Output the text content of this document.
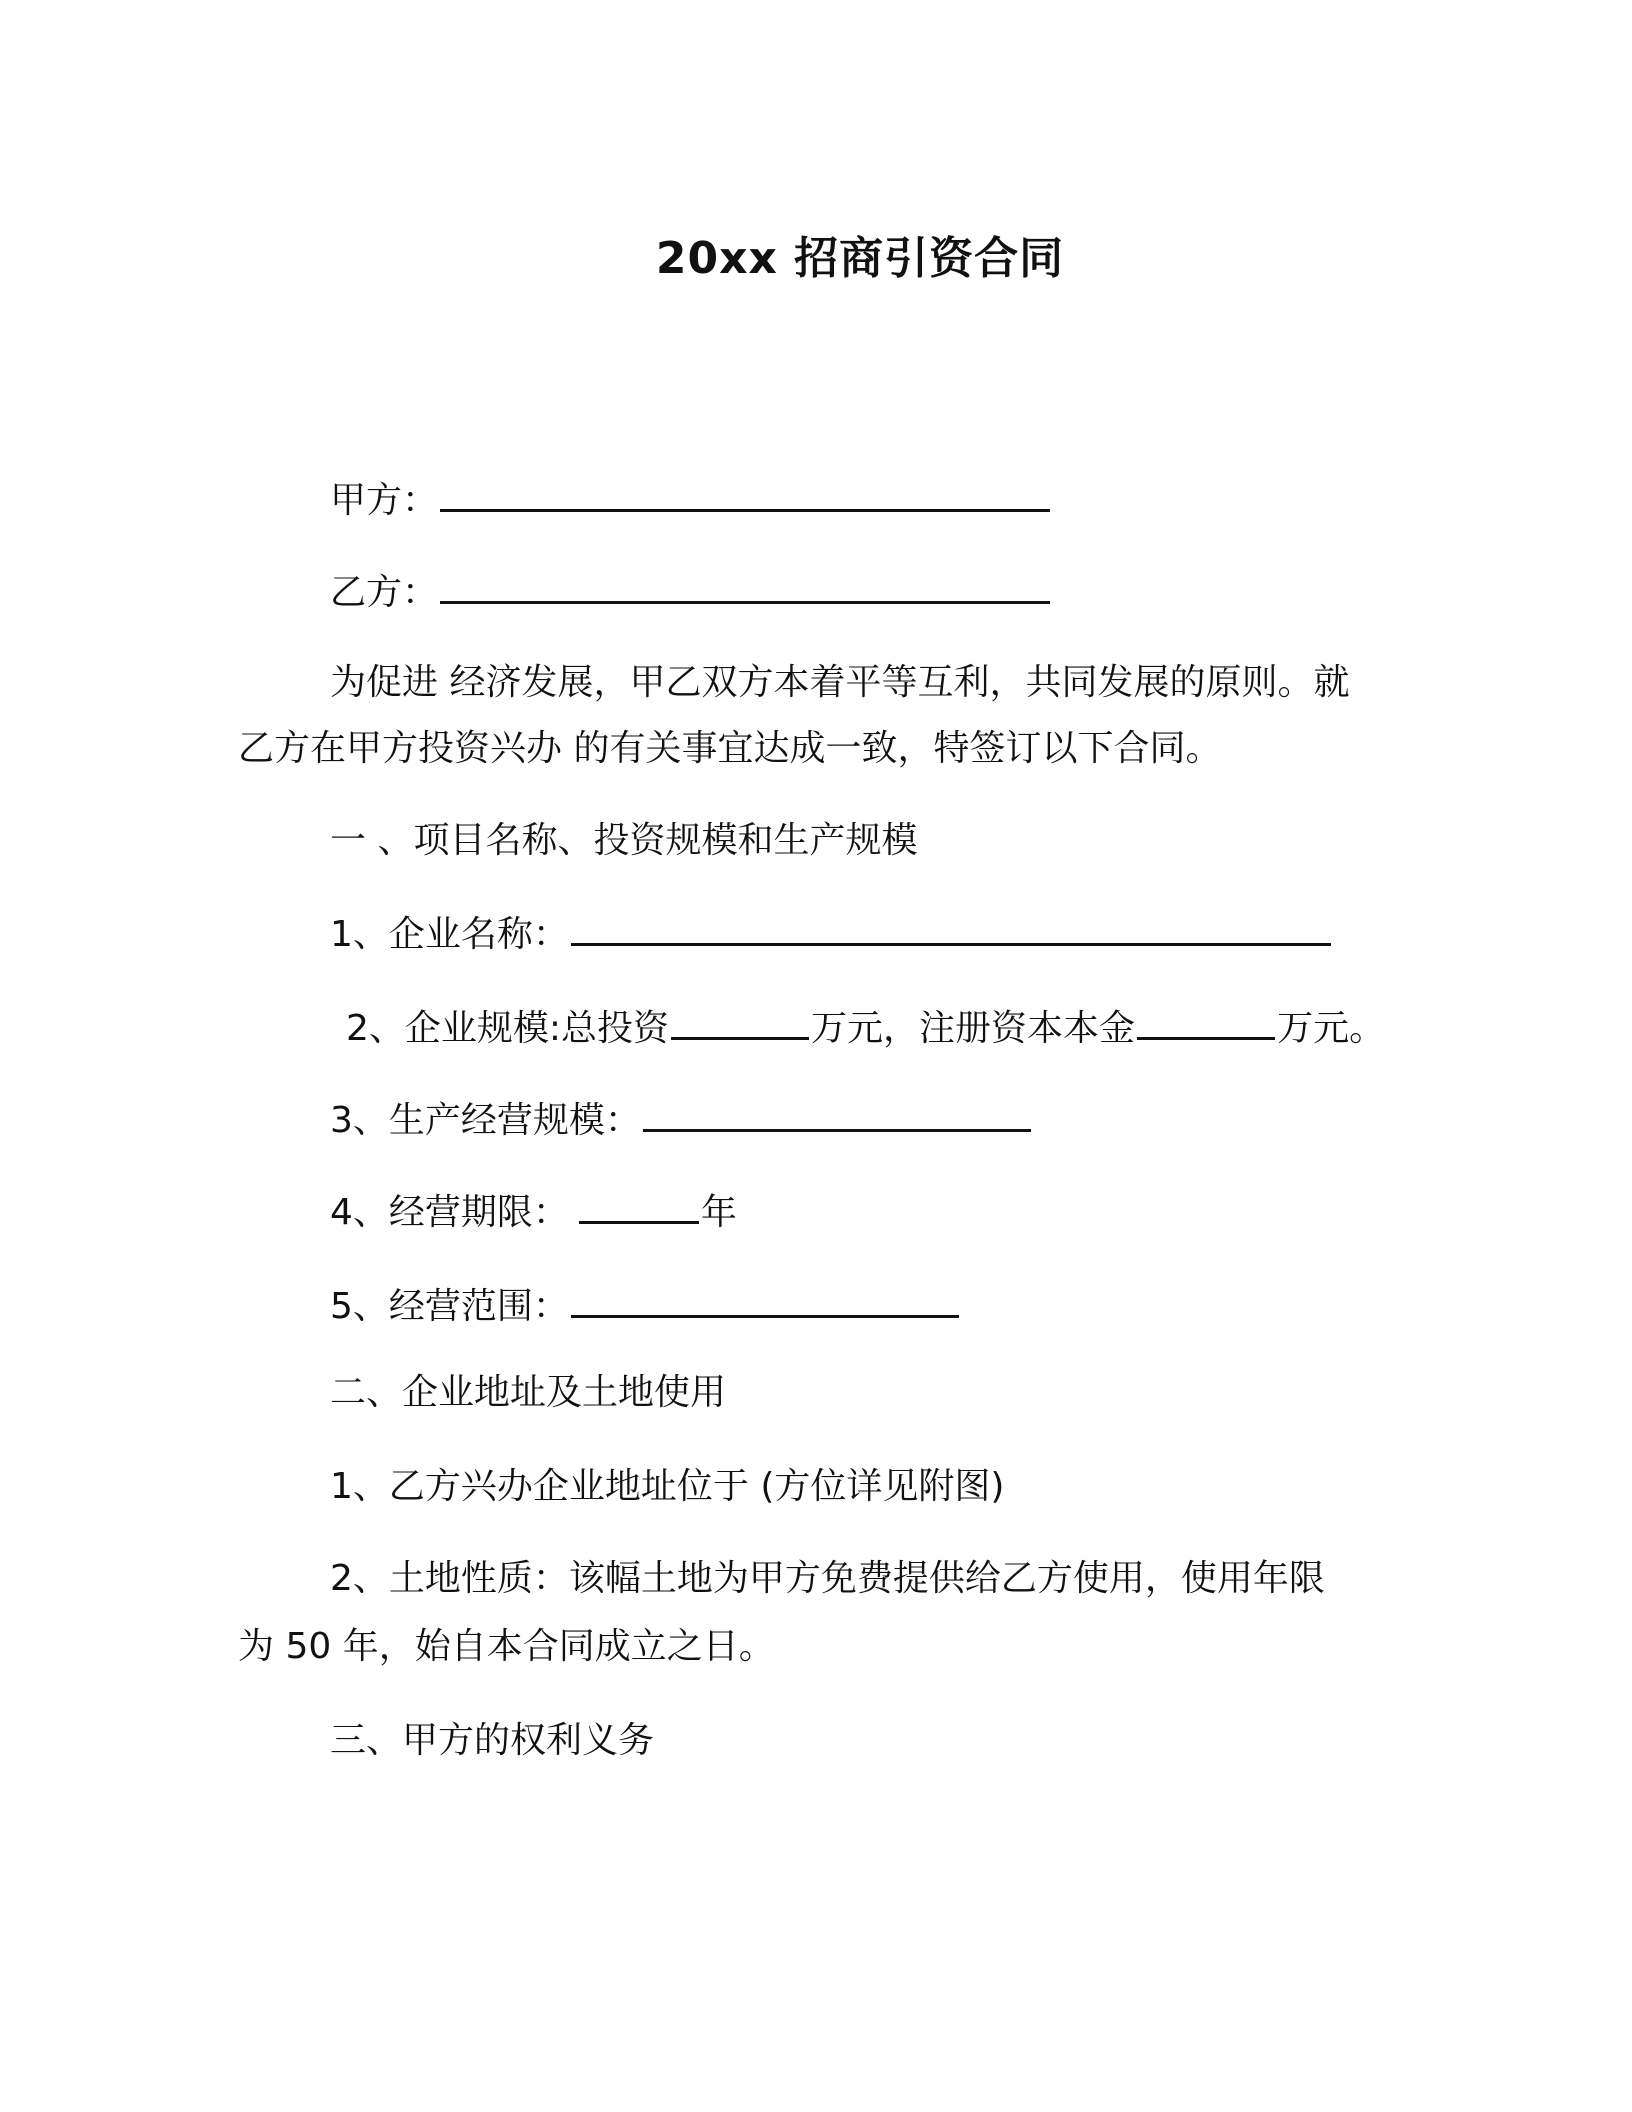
20xx 招商引资合同
甲方：
乙方：
为促进 经济发展，甲乙双方本着平等互利，共同发展的原则。就
乙方在甲方投资兴办 的有关事宜达成一致，特签订以下合同。
一 、项目名称、投资规模和生产规模
1、企业名称：
2、企业规模:总投资	万元，注册资本本金	万元。
3、生产经营规模：
4、经营期限：	年
5、经营范围：
二、企业地址及土地使用
1、乙方兴办企业地址位于 (方位详见附图)
2、土地性质：该幅土地为甲方免费提供给乙方使用，使用年限
为 50 年，始自本合同成立之日。
三、甲方的权利义务
